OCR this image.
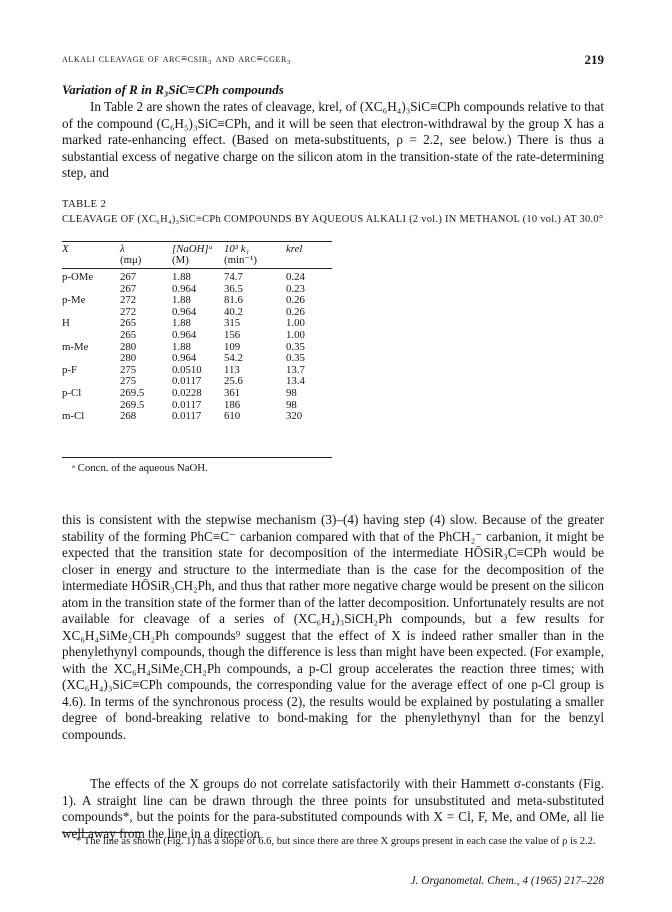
alkali cleavage of arc≡csir₃ and arc≡cger₃	219
Variation of R in R₃SiC≡CPh compounds

In Table 2 are shown the rates of cleavage, krel, of (XC₆H₄)₃SiC≡CPh compounds relative to that of the compound (C₆H₅)₃SiC≡CPh, and it will be seen that electron-withdrawal by the group X has a marked rate-enhancing effect. (Based on meta-substituents, ρ = 2.2, see below.) There is thus a substantial excess of negative charge on the silicon atom in the transition-state of the rate-determining step, and

TABLE 2
CLEAVAGE OF (XC₆H₄)₃SiC≡CPh COMPOUNDS BY AQUEOUS ALKALI (2 vol.) IN METHANOL (10 vol.) AT 30.0°
X	λ	[NaOH]ᵃ	10³ k₁	krel
	(mμ)	(M)	(min⁻¹)	
p-OMe	267	1.88	74.7	0.24
	267	0.964	36.5	0.23
p-Me	272	1.88	81.6	0.26
	272	0.964	40.2	0.26
H	265	1.88	315	1.00
	265	0.964	156	1.00
m-Me	280	1.88	109	0.35
	280	0.964	54.2	0.35
p-F	275	0.0510	113	13.7
	275	0.0117	25.6	13.4
p-Cl	269.5	0.0228	361	98
	269.5	0.0117	186	98
m-Cl	268	0.0117	610	320
ᵃ Concn. of the aqueous NaOH.

this is consistent with the stepwise mechanism (3)–(4) having step (4) slow. Because of the greater stability of the forming PhC≡C⁻ carbanion compared with that of the PhCH₂⁻ carbanion, it might be expected that the transition state for decomposition of the intermediate HŌSiR₃C≡CPh would be closer in energy and structure to the intermediate than is the case for the decomposition of the intermediate HŌSiR₃CH₂Ph, and thus that rather more negative charge would be present on the silicon atom in the transition state of the former than of the latter decomposition. Unfortunately results are not available for cleavage of a series of (XC₆H₄)₃SiCH₂Ph compounds, but a few results for XC₆H₄SiMe₂CH₂Ph compounds⁹ suggest that the effect of X is indeed rather smaller than in the phenylethynyl compounds, though the difference is less than might have been expected. (For example, with the XC₆H₄SiMe₂CH₂Ph compounds, a p-Cl group accelerates the reaction three times; with (XC₆H₄)₃SiC≡CPh compounds, the corresponding value for the average effect of one p-Cl group is 4.6). In terms of the synchronous process (2), the results would be explained by postulating a smaller degree of bond-breaking relative to bond-making for the phenylethynyl than for the benzyl compounds.

The effects of the X groups do not correlate satisfactorily with their Hammett σ-constants (Fig. 1). A straight line can be drawn through the three points for unsubstituted and meta-substituted compounds*, but the points for the para-substituted compounds with X = Cl, F, Me, and OMe, all lie well away from the line in a direction

* The line as shown (Fig. 1) has a slope of 6.6, but since there are three X groups present in each case the value of ρ is 2.2.
J. Organometal. Chem., 4 (1965) 217–228
